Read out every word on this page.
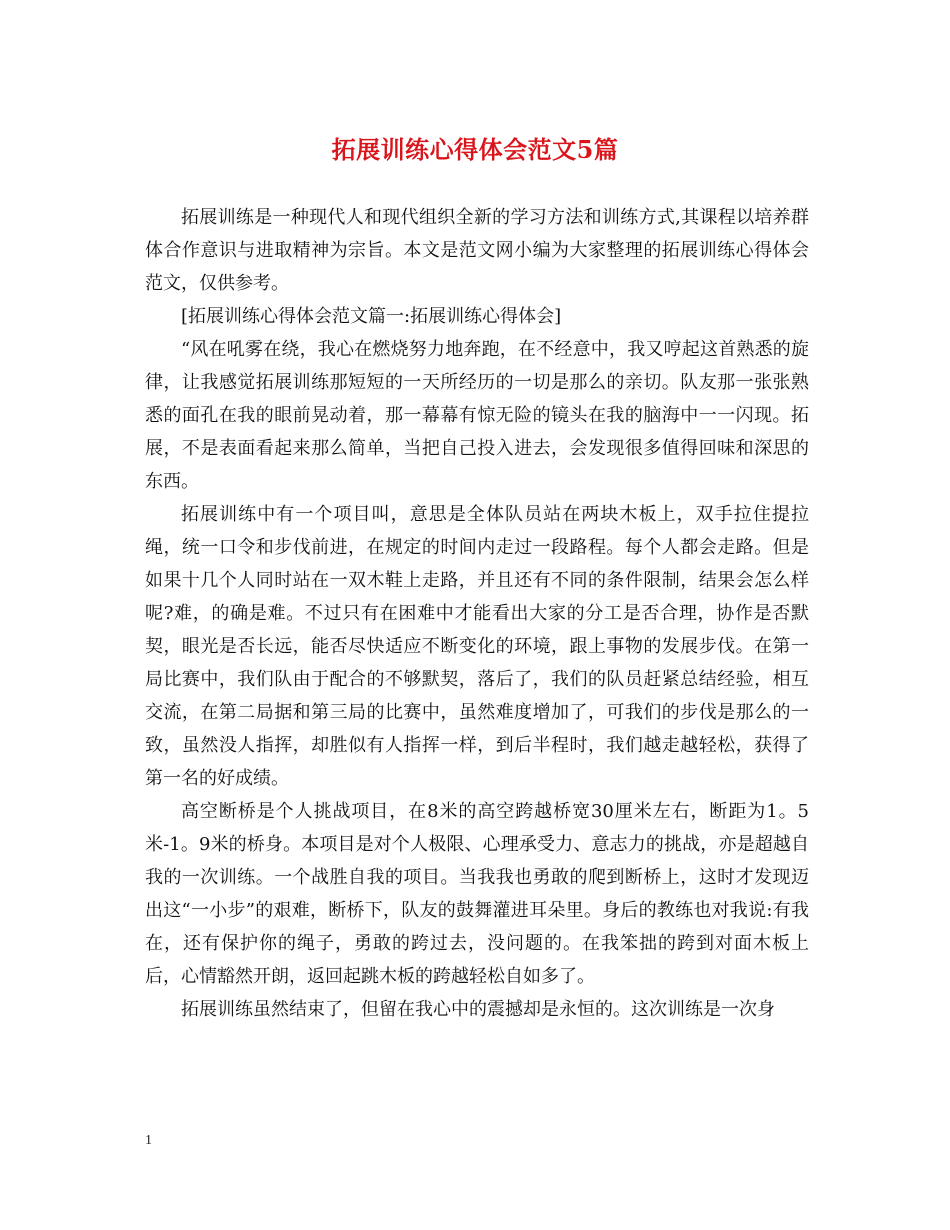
拓展训练心得体会范文5篇

拓展训练是一种现代人和现代组织全新的学习方法和训练方式,其课程以培养群体合作意识与进取精神为宗旨。本文是范文网小编为大家整理的拓展训练心得体会范文，仅供参考。

[拓展训练心得体会范文篇一:拓展训练心得体会]

“风在吼雾在绕，我心在燃烧努力地奔跑，在不经意中，我又哼起这首熟悉的旋律，让我感觉拓展训练那短短的一天所经历的一切是那么的亲切。队友那一张张熟悉的面孔在我的眼前晃动着，那一幕幕有惊无险的镜头在我的脑海中一一闪现。拓展，不是表面看起来那么简单，当把自己投入进去，会发现很多值得回味和深思的东西。

拓展训练中有一个项目叫，意思是全体队员站在两块木板上，双手拉住提拉绳，统一口令和步伐前进，在规定的时间内走过一段路程。每个人都会走路。但是如果十几个人同时站在一双木鞋上走路，并且还有不同的条件限制，结果会怎么样呢?难，的确是难。不过只有在困难中才能看出大家的分工是否合理，协作是否默契，眼光是否长远，能否尽快适应不断变化的环境，跟上事物的发展步伐。在第一局比赛中，我们队由于配合的不够默契，落后了，我们的队员赶紧总结经验，相互交流，在第二局据和第三局的比赛中，虽然难度增加了，可我们的步伐是那么的一致，虽然没人指挥，却胜似有人指挥一样，到后半程时，我们越走越轻松，获得了第一名的好成绩。

高空断桥是个人挑战项目，在8米的高空跨越桥宽30厘米左右，断距为1。5米-1。9米的桥身。本项目是对个人极限、心理承受力、意志力的挑战，亦是超越自我的一次训练。一个战胜自我的项目。当我我也勇敢的爬到断桥上，这时才发现迈出这“一小步”的艰难，断桥下，队友的鼓舞灌进耳朵里。身后的教练也对我说:有我在，还有保护你的绳子，勇敢的跨过去，没问题的。在我笨拙的跨到对面木板上后，心情豁然开朗，返回起跳木板的跨越轻松自如多了。

拓展训练虽然结束了，但留在我心中的震撼却是永恒的。这次训练是一次身

1
